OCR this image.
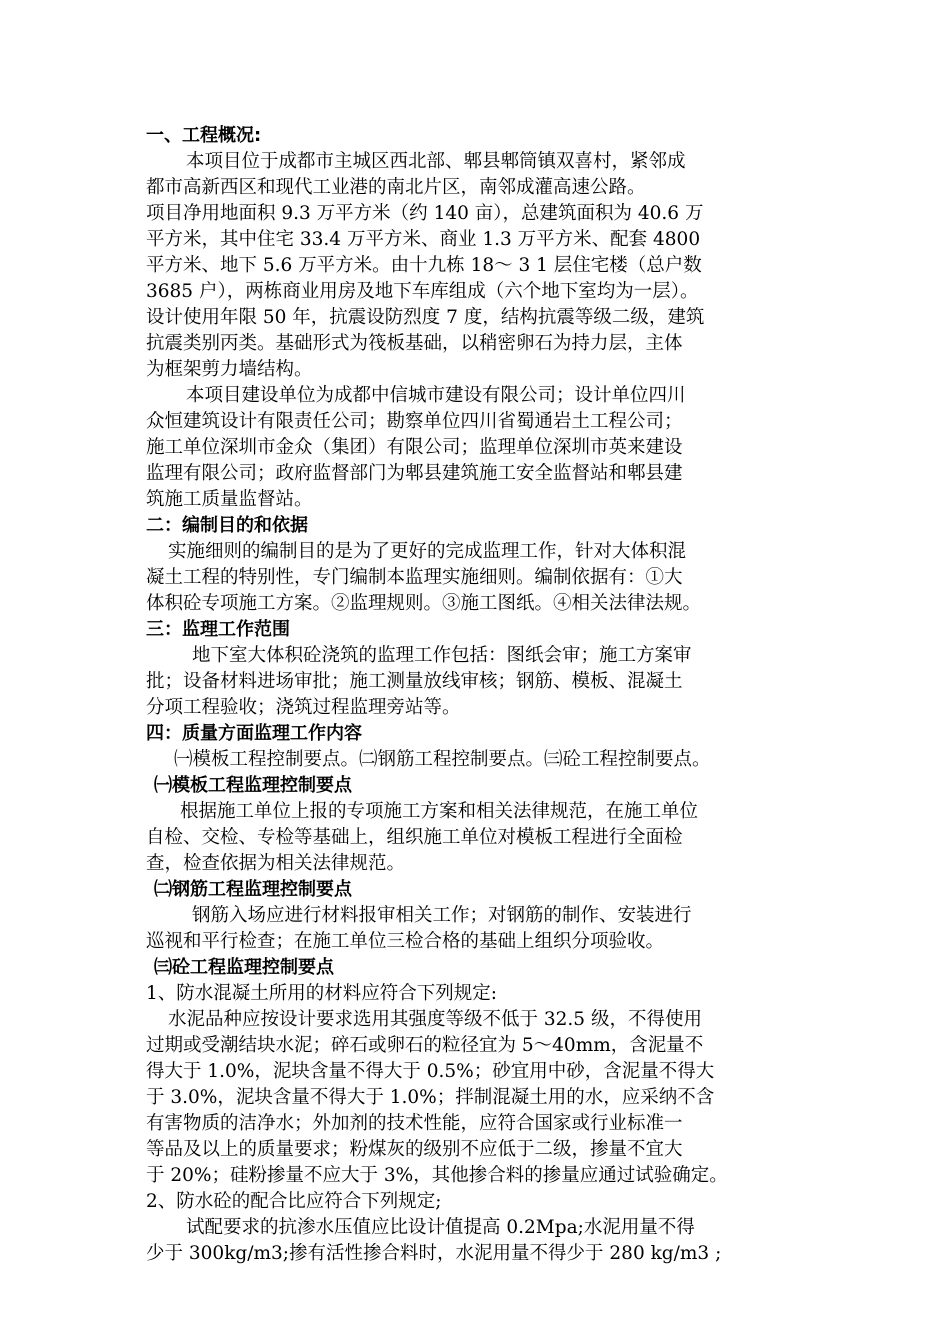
一、工程概况:
本项目位于成都市主城区西北部、郫县郫筒镇双喜村，紧邻成
都市高新西区和现代工业港的南北片区，南邻成灌高速公路。
项目净用地面积 9.3 万平方米（约 140 亩），总建筑面积为 40.6 万
平方米，其中住宅 33.4 万平方米、商业 1.3 万平方米、配套 4800
平方米、地下 5.6 万平方米。由十九栋 18～ 3 1 层住宅楼（总户数
3685 户），两栋商业用房及地下车库组成（六个地下室均为一层）。
设计使用年限 50 年，抗震设防烈度 7 度，结构抗震等级二级，建筑
抗震类别丙类。基础形式为筏板基础，以稍密卵石为持力层，主体
为框架剪力墙结构。
本项目建设单位为成都中信城市建设有限公司；设计单位四川
众恒建筑设计有限责任公司；勘察单位四川省蜀通岩土工程公司；
施工单位深圳市金众（集团）有限公司；监理单位深圳市英来建设
监理有限公司；政府监督部门为郫县建筑施工安全监督站和郫县建
筑施工质量监督站。
二：编制目的和依据
实施细则的编制目的是为了更好的完成监理工作，针对大体积混
凝土工程的特别性，专门编制本监理实施细则。编制依据有：①大
体积砼专项施工方案。②监理规则。③施工图纸。④相关法律法规。
三：监理工作范围
地下室大体积砼浇筑的监理工作包括：图纸会审；施工方案审
批；设备材料进场审批；施工测量放线审核；钢筋、模板、混凝土
分项工程验收；浇筑过程监理旁站等。
四：质量方面监理工作内容
㈠模板工程控制要点。㈡钢筋工程控制要点。㈢砼工程控制要点。
㈠模板工程监理控制要点
根据施工单位上报的专项施工方案和相关法律规范，在施工单位
自检、交检、专检等基础上，组织施工单位对模板工程进行全面检
查，检查依据为相关法律规范。
㈡钢筋工程监理控制要点
钢筋入场应进行材料报审相关工作；对钢筋的制作、安装进行
巡视和平行检查；在施工单位三检合格的基础上组织分项验收。
㈢砼工程监理控制要点
1、防水混凝土所用的材料应符合下列规定:
水泥品种应按设计要求选用其强度等级不低于 32.5 级，不得使用
过期或受潮结块水泥；碎石或卵石的粒径宜为 5～40mm，含泥量不
得大于 1.0%，泥块含量不得大于 0.5%；砂宜用中砂，含泥量不得大
于 3.0%，泥块含量不得大于 1.0%；拌制混凝土用的水，应采纳不含
有害物质的洁净水；外加剂的技术性能，应符合国家或行业标准一
等品及以上的质量要求；粉煤灰的级别不应低于二级，掺量不宜大
于 20%；硅粉掺量不应大于 3%，其他掺合料的掺量应通过试验确定。
2、防水砼的配合比应符合下列规定;
试配要求的抗渗水压值应比设计值提高 0.2Mpa;水泥用量不得
少于 300kg/m3;掺有活性掺合料时，水泥用量不得少于 280 kg/m3 ;
